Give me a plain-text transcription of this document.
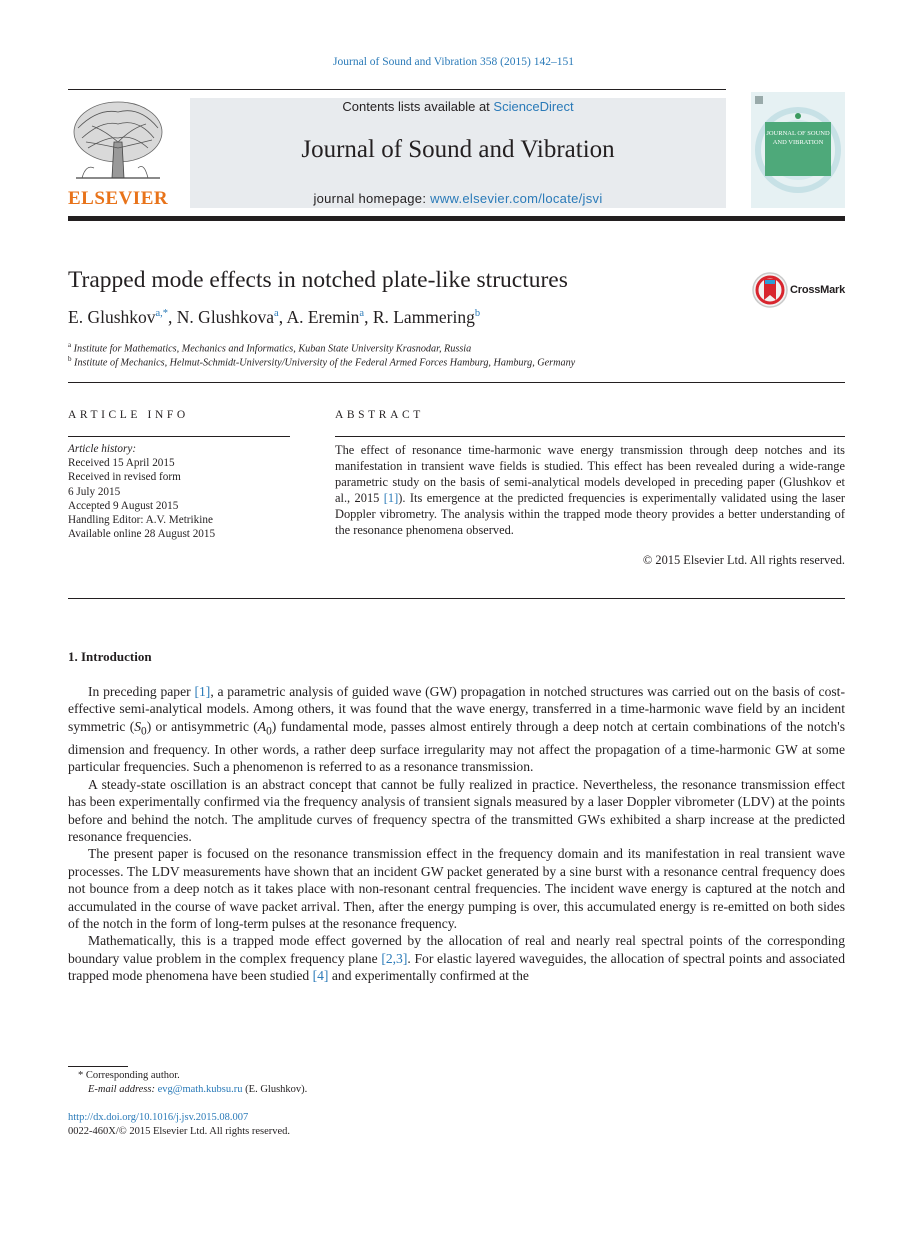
Journal of Sound and Vibration 358 (2015) 142–151
ELSEVIER
Contents lists available at ScienceDirect
Journal of Sound and Vibration
journal homepage: www.elsevier.com/locate/jsvi
JOURNAL OF SOUND AND VIBRATION
Trapped mode effects in notched plate-like structures	CrossMark
E. Glushkov$^{a,*}$, N. Glushkova$^a$, A. Eremin$^a$, R. Lammering$^b$
$^a$ Institute for Mathematics, Mechanics and Informatics, Kuban State University Krasnodar, Russia
$^b$ Institute of Mechanics, Helmut-Schmidt-University/University of the Federal Armed Forces Hamburg, Hamburg, Germany
ARTICLE INFO
Article history:
Received 15 April 2015
Received in revised form
6 July 2015
Accepted 9 August 2015
Handling Editor: A.V. Metrikine
Available online 28 August 2015
ABSTRACT
The effect of resonance time-harmonic wave energy transmission through deep notches and its manifestation in transient wave fields is studied. This effect has been revealed during a wide-range parametric study on the basis of semi-analytical models developed in preceding paper (Glushkov et al., 2015 [1]). Its emergence at the predicted frequencies is experimentally validated using the laser Doppler vibrometry. The analysis within the trapped mode theory provides a better understanding of the resonance phenomena observed.
© 2015 Elsevier Ltd. All rights reserved.
1. Introduction

In preceding paper [1], a parametric analysis of guided wave (GW) propagation in notched structures was carried out on the basis of cost-effective semi-analytical models. Among others, it was found that the wave energy, transferred in a time-harmonic wave field by an incident symmetric $(S_0)$ or antisymmetric $(A_0)$ fundamental mode, passes almost entirely through a deep notch at certain combinations of the notch's dimension and frequency. In other words, a rather deep surface irregularity may not affect the propagation of a time-harmonic GW at some particular frequencies. Such a phenomenon is referred to as a resonance transmission.

A steady-state oscillation is an abstract concept that cannot be fully realized in practice. Nevertheless, the resonance transmission effect has been experimentally confirmed via the frequency analysis of transient signals measured by a laser Doppler vibrometer (LDV) at the points before and behind the notch. The amplitude curves of frequency spectra of the transmitted GWs exhibited a sharp increase at the predicted resonance frequencies.

The present paper is focused on the resonance transmission effect in the frequency domain and its manifestation in real transient wave processes. The LDV measurements have shown that an incident GW packet generated by a sine burst with a resonance central frequency does not bounce from a deep notch as it takes place with non-resonant central frequencies. The incident wave energy is captured at the notch and accumulated in the course of wave packet arrival. Then, after the energy pumping is over, this accumulated energy is re-emitted on both sides of the notch in the form of long-term pulses at the resonance frequency.

Mathematically, this is a trapped mode effect governed by the allocation of real and nearly real spectral points of the corresponding boundary value problem in the complex frequency plane [2,3]. For elastic layered waveguides, the allocation of spectral points and associated trapped mode phenomena have been studied [4] and experimentally confirmed at the

* Corresponding author.
E-mail address: evg@math.kubsu.ru (E. Glushkov).
http://dx.doi.org/10.1016/j.jsv.2015.08.007
0022-460X/© 2015 Elsevier Ltd. All rights reserved.
